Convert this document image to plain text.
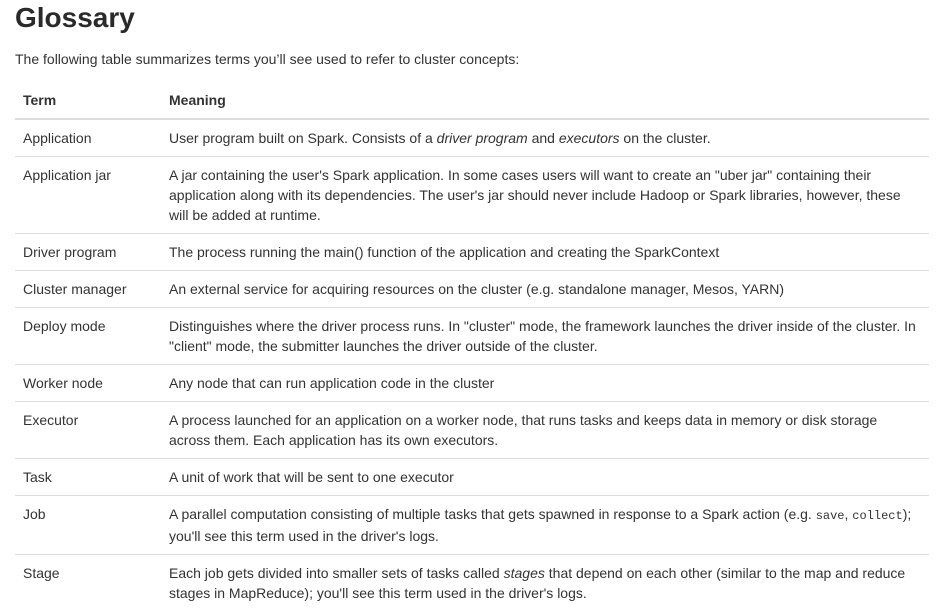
Glossary

The following table summarizes terms you’ll see used to refer to cluster concepts:

Term	Meaning
Application	User program built on Spark. Consists of a driver program and executors on the cluster.
Application jar	A jar containing the user's Spark application. In some cases users will want to create an "uber jar" containing their application along with its dependencies. The user's jar should never include Hadoop or Spark libraries, however, these will be added at runtime.
Driver program	The process running the main() function of the application and creating the SparkContext
Cluster manager	An external service for acquiring resources on the cluster (e.g. standalone manager, Mesos, YARN)
Deploy mode	Distinguishes where the driver process runs. In "cluster" mode, the framework launches the driver inside of the cluster. In "client" mode, the submitter launches the driver outside of the cluster.
Worker node	Any node that can run application code in the cluster
Executor	A process launched for an application on a worker node, that runs tasks and keeps data in memory or disk storage across them. Each application has its own executors.
Task	A unit of work that will be sent to one executor
Job	A parallel computation consisting of multiple tasks that gets spawned in response to a Spark action (e.g. save, collect); you'll see this term used in the driver's logs.
Stage	Each job gets divided into smaller sets of tasks called stages that depend on each other (similar to the map and reduce stages in MapReduce); you'll see this term used in the driver's logs.
